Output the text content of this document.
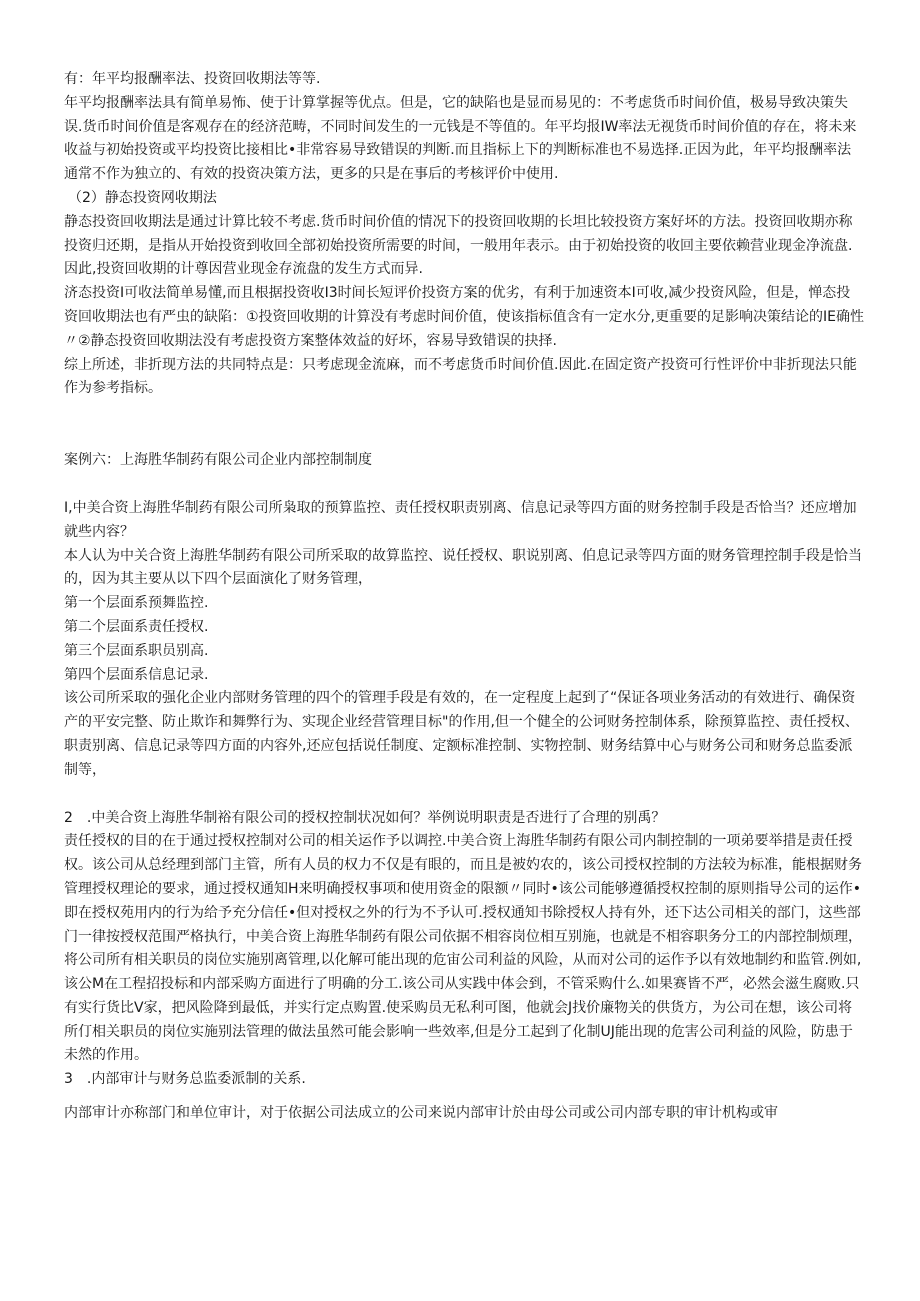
有：年平均报酬率法、投资回收期法等等.

年平均报酬率法具有简单易怖、使于计算掌握等优点。但是，它的缺陷也是显而易见的：不考虑货币时间价值，极易导致决策失误.货币时间价值是客观存在的经济范畴，不同时间发生的一元钱是不等值的。年平均报IW率法无视货币时间价值的存在，将未来收益与初始投资或平均投资比接相比•非常容易导致错误的判断.而且指标上下的判断标准也不易选择.正因为此，年平均报酬率法通常不作为独立的、有效的投资决策方法，更多的只是在事后的考核评价中使用.

（2）静态投资网收期法

静态投资回收期法是通过计算比较不考虑.货币时间价值的情况下的投资回收期的长坦比较投资方案好坏的方法。投资回收期亦称投资归还期，是指从开始投资到收回全部初始投资所需要的时间，一般用年表示。由于初始投资的收回主要依赖营业现金净流盘.因此,投资回收期的计尊因营业现金存流盘的发生方式而异.

济态投资I可收法简单易懂,而且根据投资收I3时间长短评价投资方案的优劣，有利于加速资本I可收,减少投资风险，但是，惮态投资回收期法也有严虫的缺陷：①投资回收期的计算没有考虑时间价值，使该指标值含有一定水分,更重要的足影响决策结论的IE确性〃②静态投资回收期法没有考虑投资方案整体效益的好坏，容易导致错误的抉择.

综上所述，非折现方法的共同特点是：只考虑现金流麻，而不考虑货币时间价值.因此.在固定资产投资可行性评价中非折现法只能作为参考指标。

案例六：上海胜华制药有限公司企业内部控制制度

I,中美合资上海胜华制药有限公司所枭取的预算监控、责任授权职责别离、信息记录等四方面的财务控制手段是否恰当？还应增加就些内容？

本人认为中关合资上海胜华制药有限公司所采取的故算监控、说任授权、职说别离、伯息记录等四方面的财务管理控制手段是恰当的，因为其主要从以下四个层面演化了财务管理，

第一个层面系预舞监控.

第二个层面系责任授权.

第三个层面系职员别高.

第四个层面系信息记录.

该公司所采取的强化企业内部财务管理的四个的管理手段是有效的，在一定程度上起到了“保证各项业务活动的有效进行、确保资产的平安完整、防止欺诈和舞弊行为、实现企业经营管理目标"的作用,但一个健全的公诃财务控制体系，除预算监控、责任授权、职责别离、信息记录等四方面的内容外,还应包括说任制度、定额标准控制、实物控制、财务结算中心与财务公司和财务总监委派制等，

2　.中美合资上海胜华制裕有限公司的授权控制状况如何？举例说明职责是否进行了合理的别禹？

责任授权的目的在于通过授权控制对公司的相关运作予以调控.中美合资上海胜华制药有限公司内制控制的一项弟要举措是责任授权。该公司从总经理到部门主管，所有人员的权力不仅是有眼的，而且是被妁农的，该公司授权控制的方法较为标准，能根据财务管理授权理论的要求，通过授权通知H来明确授权事项和使用资金的限额〃同时•该公司能够遵循授权控制的原则指导公司的运作•即在授权苑用内的行为给予充分信任•但对授权之外的行为不予认可.授权通知书除授权人持有外，还下达公司相关的部门，这些部门一律按授权范围严格执行，中美合资上海胜华制药有限公司依据不相容岗位相互别施，也就是不相容职务分工的内部控制烦理，将公司所有相关职员的岗位实施别离管理,以化解可能出现的危宙公司利益的风险，从而对公司的运作予以有效地制约和监管.例如,该公M在工程招投标和内部采购方面进行了明确的分工.该公司从实践中体会到，不管采购什么.如果赛皆不严，必然会滋生腐败.只有实行货比V家，把风险降到最低，并实行定点购置.使采购员无私利可图，他就会J找价廉物关的供货方，为公司在想，该公司将所仃相关职员的岗位实施别法管理的做法虽然可能会影响一些效率,但是分工起到了化制UJ能出现的危害公司利益的风险，防患于未然的作用。

3　.内部审计与财务总监委派制的关系.

内部审计亦称部门和单位审计，对于依据公司法成立的公司来说内部审计於由母公司或公司内部专职的审计机构或审
